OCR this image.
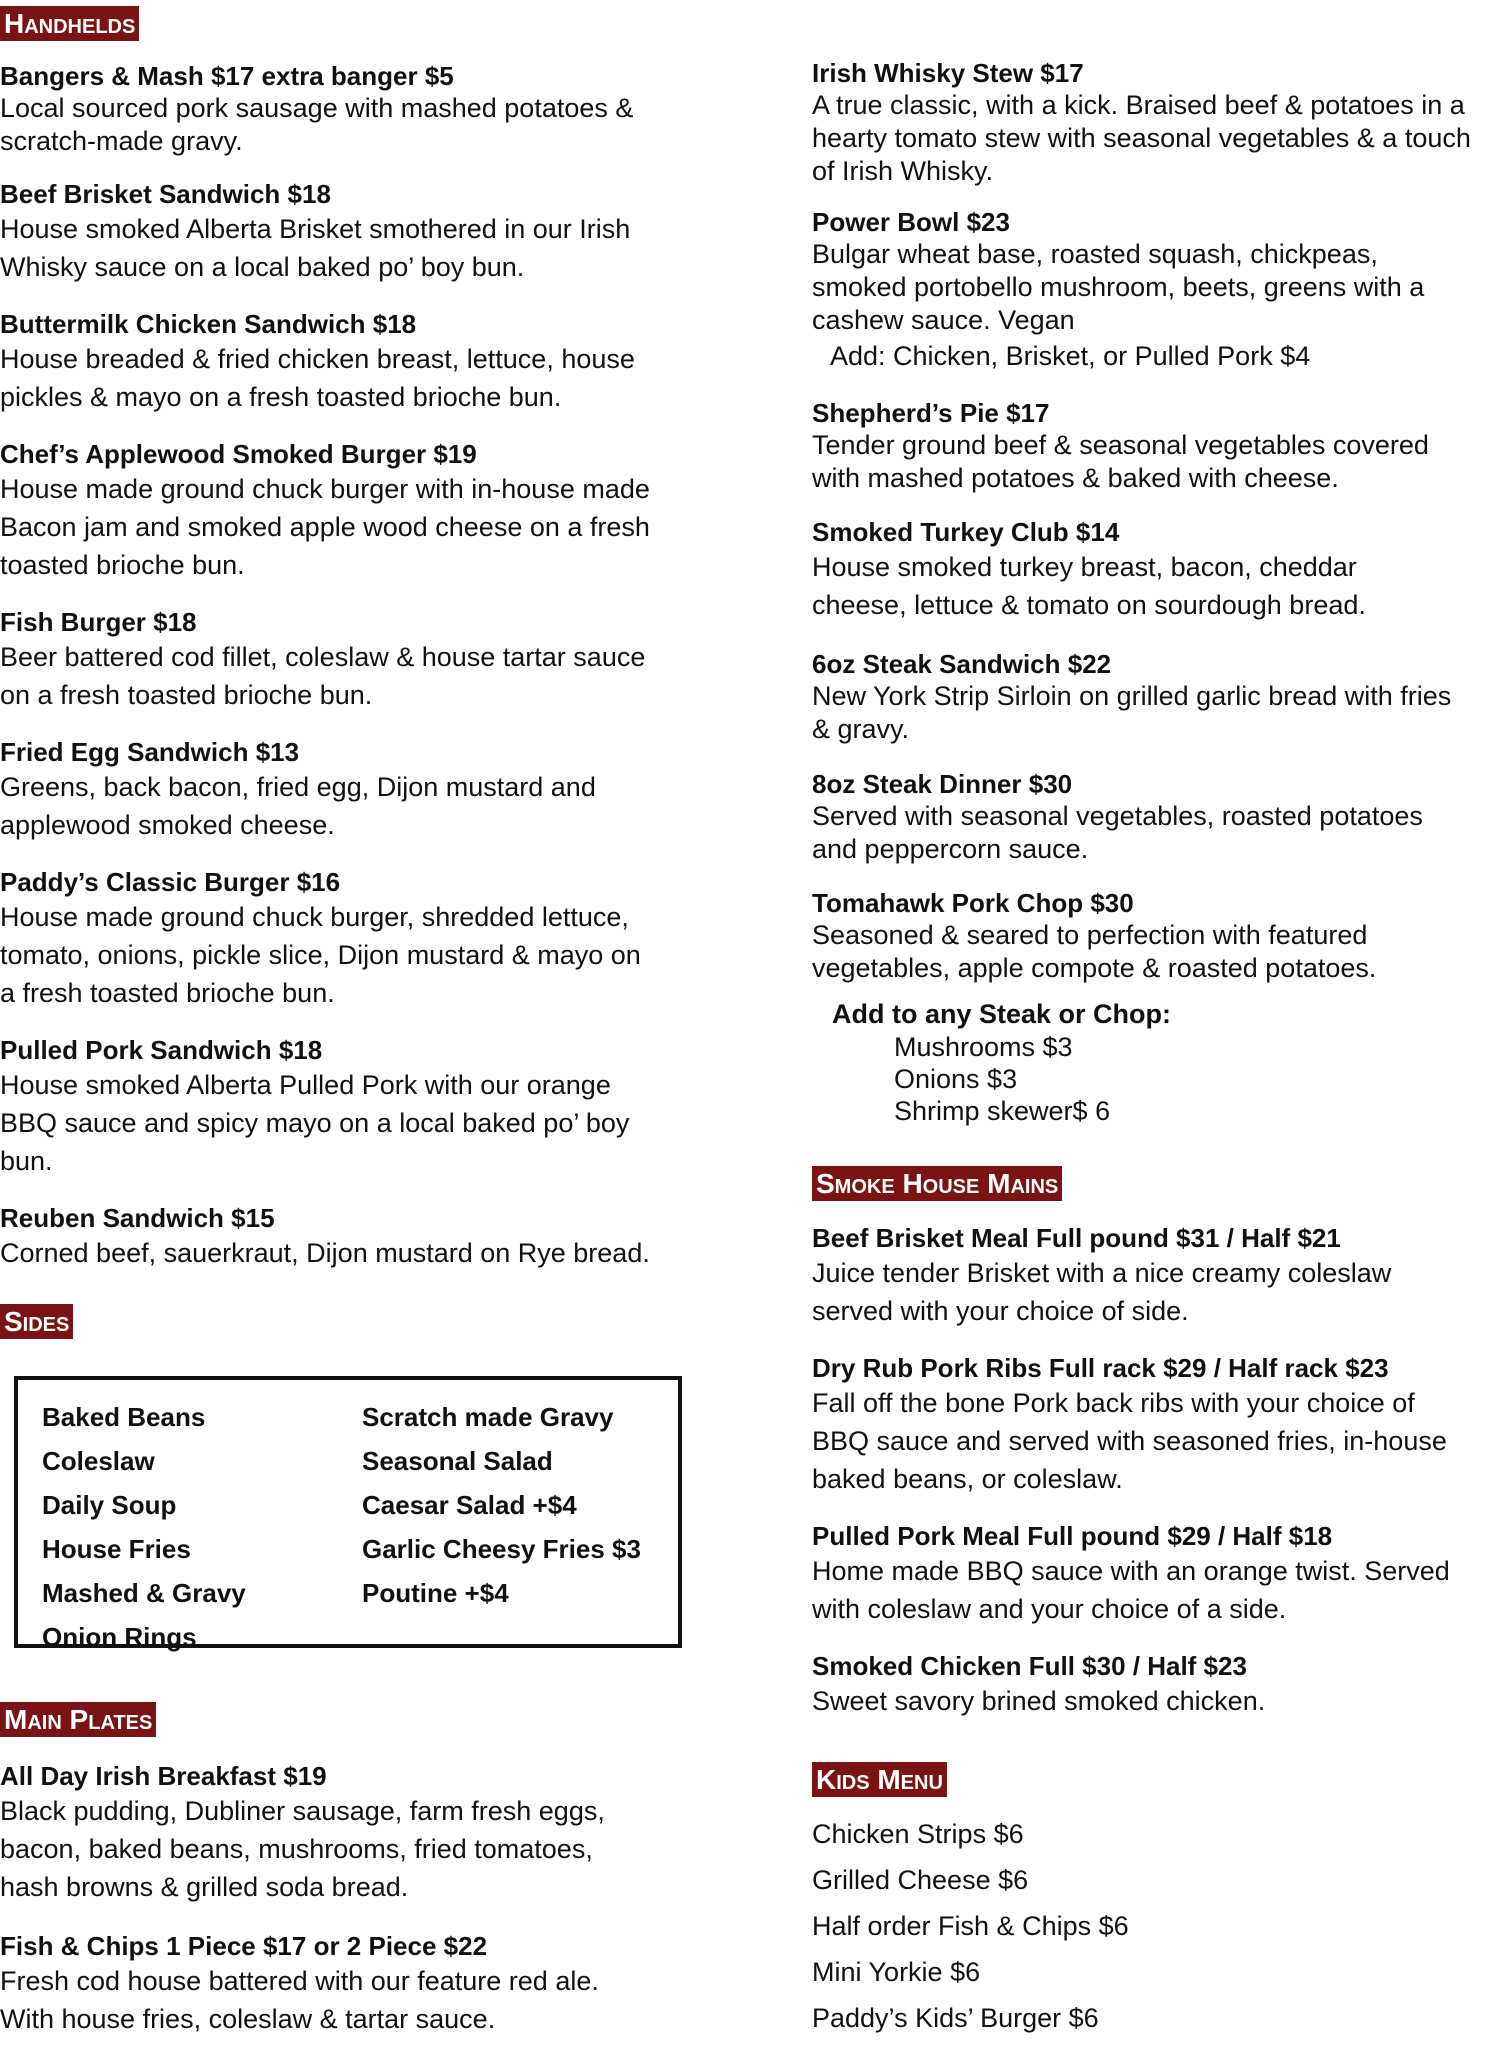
Handhelds

Bangers & Mash $17 extra banger $5

Local sourced pork sausage with mashed potatoes &

scratch-made gravy.

Beef Brisket Sandwich $18

House smoked Alberta Brisket smothered in our Irish

Whisky sauce on a local baked po’ boy bun.

Buttermilk Chicken Sandwich $18

House breaded & fried chicken breast, lettuce, house

pickles & mayo on a fresh toasted brioche bun.

Chef’s Applewood Smoked Burger $19

House made ground chuck burger with in-house made

Bacon jam and smoked apple wood cheese on a fresh

toasted brioche bun.

Fish Burger $18

Beer battered cod fillet, coleslaw & house tartar sauce

on a fresh toasted brioche bun.

Fried Egg Sandwich $13

Greens, back bacon, fried egg, Dijon mustard and

applewood smoked cheese.

Paddy’s Classic Burger $16

House made ground chuck burger, shredded lettuce,

tomato, onions, pickle slice, Dijon mustard & mayo on

a fresh toasted brioche bun.

Pulled Pork Sandwich $18

House smoked Alberta Pulled Pork with our orange

BBQ sauce and spicy mayo on a local baked po’ boy

bun.

Reuben Sandwich $15

Corned beef, sauerkraut, Dijon mustard on Rye bread.

Sides
Baked Beans	Scratch made Gravy
Coleslaw	Seasonal Salad
Daily Soup	Caesar Salad +$4
House Fries	Garlic Cheesy Fries $3
Mashed & Gravy	Poutine +$4
Onion Rings
Main Plates

All Day Irish Breakfast $19

Black pudding, Dubliner sausage, farm fresh eggs,

bacon, baked beans, mushrooms, fried tomatoes,

hash browns & grilled soda bread.

Fish & Chips 1 Piece $17 or 2 Piece $22

Fresh cod house battered with our feature red ale.

With house fries, coleslaw & tartar sauce.

Irish Whisky Stew $17

A true classic, with a kick. Braised beef & potatoes in a

hearty tomato stew with seasonal vegetables & a touch

of Irish Whisky.

Power Bowl $23

Bulgar wheat base, roasted squash, chickpeas,

smoked portobello mushroom, beets, greens with a

cashew sauce. Vegan

Add: Chicken, Brisket, or Pulled Pork $4

Shepherd’s Pie $17

Tender ground beef & seasonal vegetables covered

with mashed potatoes & baked with cheese.

Smoked Turkey Club $14

House smoked turkey breast, bacon, cheddar

cheese, lettuce & tomato on sourdough bread.

6oz Steak Sandwich $22

New York Strip Sirloin on grilled garlic bread with fries

& gravy.

8oz Steak Dinner $30

Served with seasonal vegetables, roasted potatoes

and peppercorn sauce.

Tomahawk Pork Chop $30

Seasoned & seared to perfection with featured

vegetables, apple compote & roasted potatoes.

Add to any Steak or Chop:
Mushrooms $3
Onions $3
Shrimp skewer$ 6
Smoke House Mains

Beef Brisket Meal Full pound $31 / Half $21

Juice tender Brisket with a nice creamy coleslaw

served with your choice of side.

Dry Rub Pork Ribs Full rack $29 / Half rack $23

Fall off the bone Pork back ribs with your choice of

BBQ sauce and served with seasoned fries, in-house

baked beans, or coleslaw.

Pulled Pork Meal Full pound $29 / Half $18

Home made BBQ sauce with an orange twist. Served

with coleslaw and your choice of a side.

Smoked Chicken Full $30 / Half $23

Sweet savory brined smoked chicken.

Kids Menu

Chicken Strips $6

Grilled Cheese $6

Half order Fish & Chips $6

Mini Yorkie $6

Paddy’s Kids’ Burger $6
